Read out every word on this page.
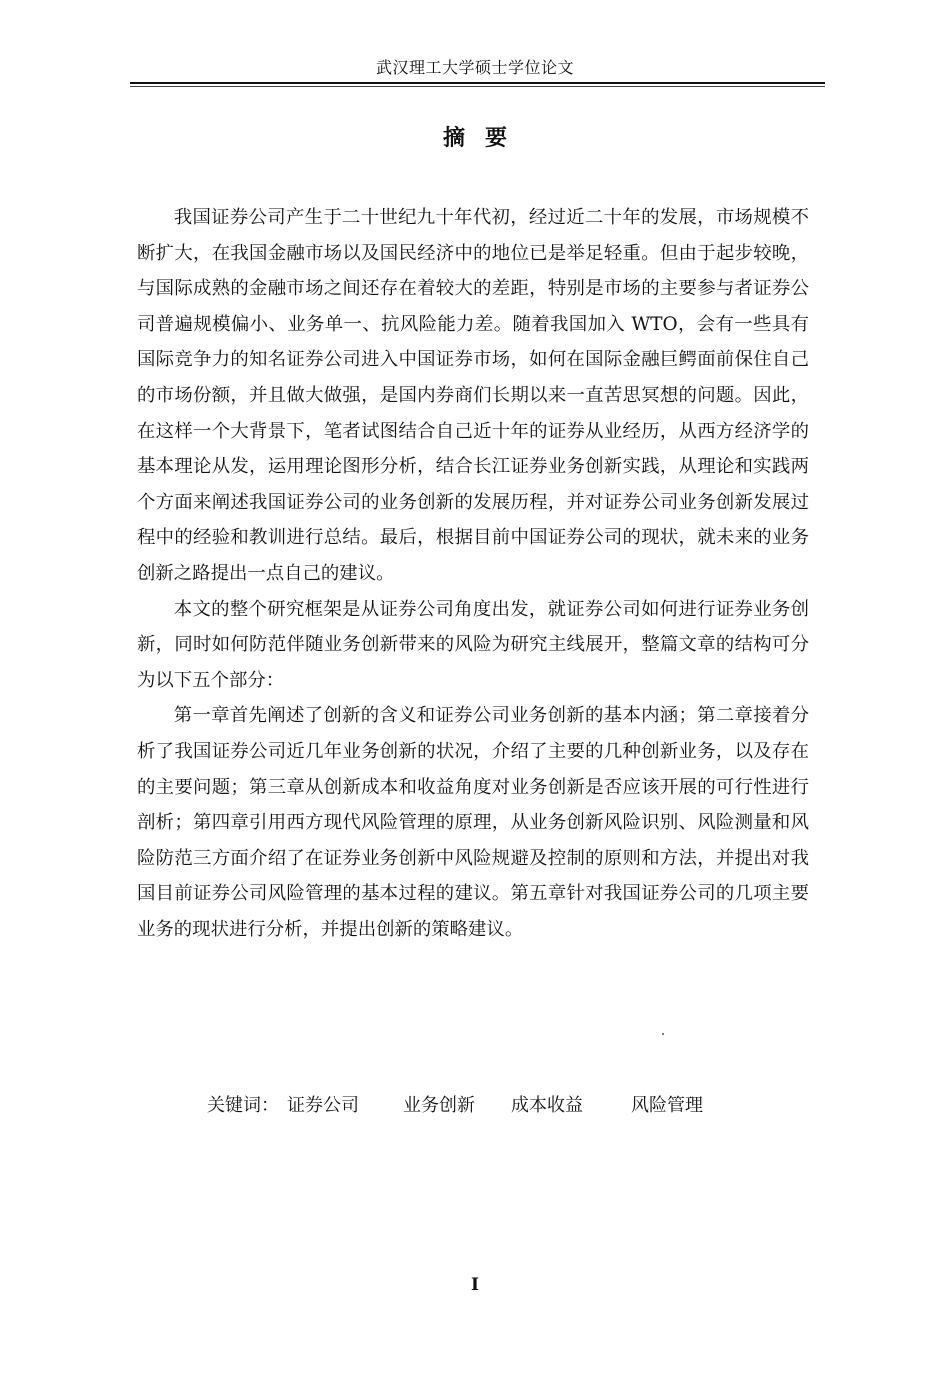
武汉理工大学硕士学位论文
摘要

我国证券公司产生于二十世纪九十年代初，经过近二十年的发展，市场规模不断扩大，在我国金融市场以及国民经济中的地位已是举足轻重。但由于起步较晚，与国际成熟的金融市场之间还存在着较大的差距，特别是市场的主要参与者证券公司普遍规模偏小、业务单一、抗风险能力差。随着我国加入 WTO，会有一些具有国际竞争力的知名证券公司进入中国证券市场，如何在国际金融巨鳄面前保住自己的市场份额，并且做大做强，是国内券商们长期以来一直苦思冥想的问题。因此，在这样一个大背景下，笔者试图结合自己近十年的证券从业经历，从西方经济学的基本理论从发，运用理论图形分析，结合长江证券业务创新实践，从理论和实践两个方面来阐述我国证券公司的业务创新的发展历程，并对证券公司业务创新发展过程中的经验和教训进行总结。最后，根据目前中国证券公司的现状，就未来的业务创新之路提出一点自己的建议。

本文的整个研究框架是从证券公司角度出发，就证券公司如何进行证券业务创新，同时如何防范伴随业务创新带来的风险为研究主线展开，整篇文章的结构可分为以下五个部分：

第一章首先阐述了创新的含义和证券公司业务创新的基本内涵；第二章接着分析了我国证券公司近几年业务创新的状况，介绍了主要的几种创新业务，以及存在的主要问题；第三章从创新成本和收益角度对业务创新是否应该开展的可行性进行剖析；第四章引用西方现代风险管理的原理，从业务创新风险识别、风险测量和风险防范三方面介绍了在证券业务创新中风险规避及控制的原则和方法，并提出对我国目前证券公司风险管理的基本过程的建议。第五章针对我国证券公司的几项主要业务的现状进行分析，并提出创新的策略建议。

关键词： 证券公司 业务创新 成本收益	风险管理
I
